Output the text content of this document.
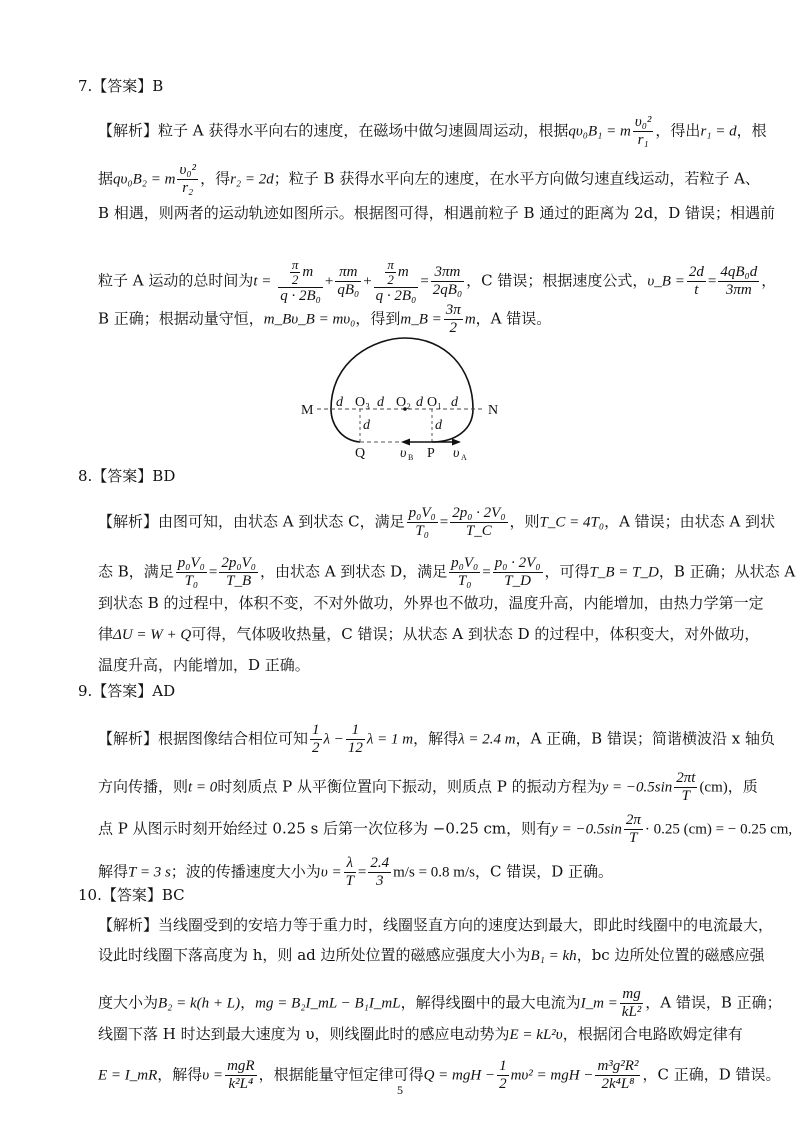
7.【答案】B
【解析】粒子 A 获得水平向右的速度，在磁场中做匀速圆周运动，根据qυ₀B₁ = m $\frac{\text{υ₀²}}{\text{r₁}}$ ，得出r₁ = d，根
据qυ₀B₂ = m $\frac{\text{υ₀²}}{\text{r₂}}$ ，得r₂ = 2d；粒子 B 获得水平向左的速度，在水平方向做匀速直线运动，若粒子 A、
B 相遇，则两者的运动轨迹如图所示。根据图可得，相遇前粒子 B 通过的距离为 2d，D 错误；相遇前
粒子 A 运动的总时间为$t = \frac{\frac{\pi}{2} m}{\text{q · 2B₀}} + \frac{\pi m}{\text{qB₀}} + \frac{\frac{\pi}{2} m}{\text{q · 2B₀}} = \frac{3\pi m}{\text{2qB₀}}$ ，C 错误；根据速度公式，υ_B = $\frac{2d}{t} = \frac{\text{4qB₀d}}{3\pi m}$ ，
B 正确；根据动量守恒，m_Bυ_B = mυ₀，得到m_B = $\frac{3\pi}{2}$ m，A 错误。
M	N
d O₃ d O₂ d O₁ d
d	d
Q	P
υ B	υ A
8.【答案】BD
【解析】由图可知，由状态 A 到状态 C，满足 $\frac{\text{p₀V₀}}{\text{T₀}} = \frac{\text{2p₀ · 2V₀}}{T\_C}$ ，则T_C = 4T₀，A 错误；由状态 A 到状
态 B，满足 $\frac{\text{p₀V₀}}{\text{T₀}} = \frac{\text{2p₀V₀}}{T\_B}$ ，由状态 A 到状态 D，满足 $\frac{\text{p₀V₀}}{\text{T₀}} = \frac{\text{p₀ · 2V₀}}{T\_D}$ ，可得T_B = T_D，B 正确；从状态 A
到状态 B 的过程中，体积不变，不对外做功，外界也不做功，温度升高，内能增加，由热力学第一定
律ΔU = W + Q可得，气体吸收热量，C 错误；从状态 A 到状态 D 的过程中，体积变大，对外做功，
温度升高，内能增加，D 正确。
9.【答案】AD
【解析】根据图像结合相位可知 $\frac{1}{2}$ $\lambda - \frac{1}{12}$ λ = 1 m，解得λ = 2.4 m，A 正确，B 错误；简谐横波沿 x 轴负
方向传播，则t = 0时刻质点 P 从平衡位置向下振动，则质点 P 的振动方程为$y = -0.5\sin \frac{2\pi t}{T} (cm)$，质
点 P 从图示时刻开始经过 0.25 s 后第一次位移为 −0.25 cm，则有$y = -0.5\sin \frac{2\pi}{T} \cdot 0.25$ (cm) = − 0.25 cm,
解得T = 3 s；波的传播速度大小为$\upsilon = \frac{\lambda}{T} = \frac{2.4}{3} m/s = 0.8$ m/s，C 错误，D 正确。
10.【答案】BC
【解析】当线圈受到的安培力等于重力时，线圈竖直方向的速度达到最大，即此时线圈中的电流最大，
设此时线圈下落高度为 h，则 ad 边所处位置的磁感应强度大小为B₁ = kh，bc 边所处位置的磁感应强
度大小为B₂ = k(h + L)，mg = B₂I_mL − B₁I_mL，解得线圈中的最大电流为I_m = $\frac{mg}{\text{kL²}}$ ，A 错误，B 正确；
线圈下落 H 时达到最大速度为 υ，则线圈此时的感应电动势为E = kL²υ，根据闭合电路欧姆定律有
E = I_mR，解得$\upsilon = \frac{\text{mgR}}{\text{k²L⁴}}$ ，根据能量守恒定律可得Q = mgH − $\frac{1}{2} m\upsilon^2$ = mgH − $\frac{\text{m³g²R²}}{\text{2k⁴L⁸}}$ ，C 正确，D 错误。
5
